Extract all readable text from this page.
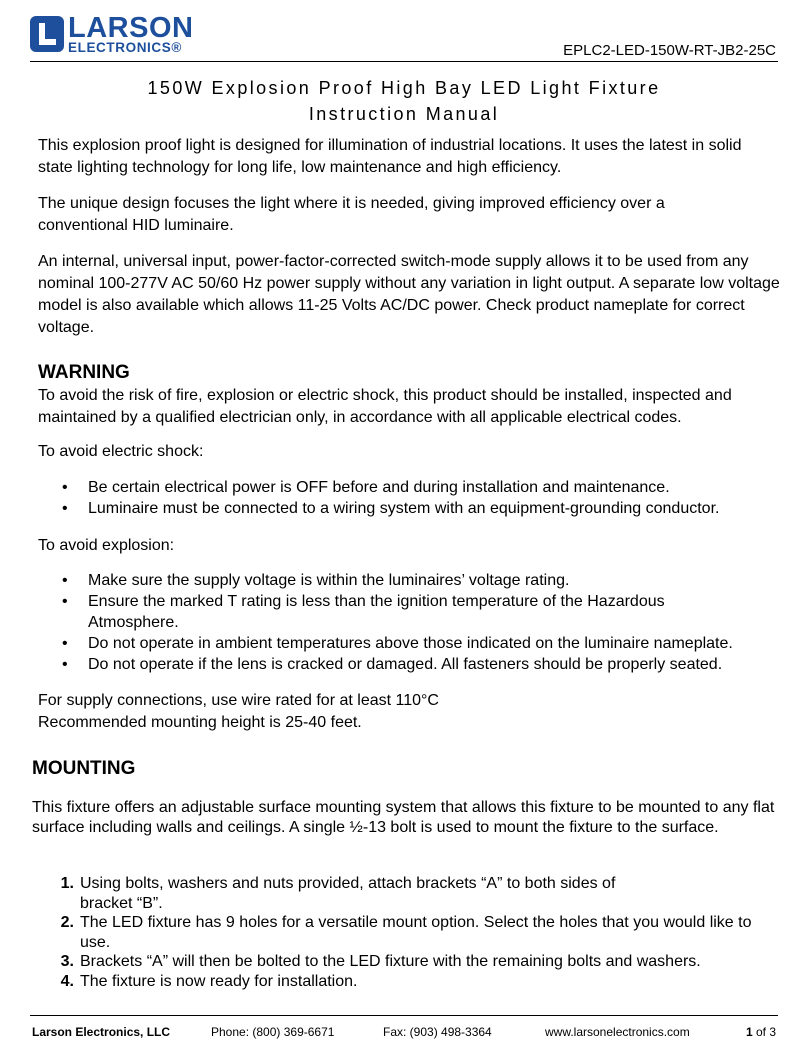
LARSON
ELECTRONICS®	EPLC2-LED-150W-RT-JB2-25C
150W Explosion Proof High Bay LED Light Fixture
Instruction Manual
This explosion proof light is designed for illumination of industrial locations. It uses the latest in solid state lighting technology for long life, low maintenance and high efficiency.
The unique design focuses the light where it is needed, giving improved efficiency over a conventional HID luminaire.
An internal, universal input, power-factor-corrected switch-mode supply allows it to be used from any nominal 100-277V AC 50/60 Hz power supply without any variation in light output. A separate low voltage model is also available which allows 11-25 Volts AC/DC power. Check product nameplate for correct voltage.
WARNING
To avoid the risk of fire, explosion or electric shock, this product should be installed, inspected and maintained by a qualified electrician only, in accordance with all applicable electrical codes.
To avoid electric shock:
• Be certain electrical power is OFF before and during installation and maintenance.
• Luminaire must be connected to a wiring system with an equipment-grounding conductor.
To avoid explosion:
• Make sure the supply voltage is within the luminaires’ voltage rating.
• Ensure the marked T rating is less than the ignition temperature of the Hazardous Atmosphere.
• Do not operate in ambient temperatures above those indicated on the luminaire nameplate.
• Do not operate if the lens is cracked or damaged. All fasteners should be properly seated.
For supply connections, use wire rated for at least 110°C
Recommended mounting height is 25-40 feet.
MOUNTING
This fixture offers an adjustable surface mounting system that allows this fixture to be mounted to any flat surface including walls and ceilings. A single ½-13 bolt is used to mount the fixture to the surface.
1. Using bolts, washers and nuts provided, attach brackets “A” to both sides of bracket “B”.
2. The LED fixture has 9 holes for a versatile mount option. Select the holes that you would like to use.
3. Brackets “A” will then be bolted to the LED fixture with the remaining bolts and washers.
4. The fixture is now ready for installation.
Larson Electronics, LLC	Phone: (800) 369-6671	Fax: (903) 498-3364	www.larsonelectronics.com	1 of 3
